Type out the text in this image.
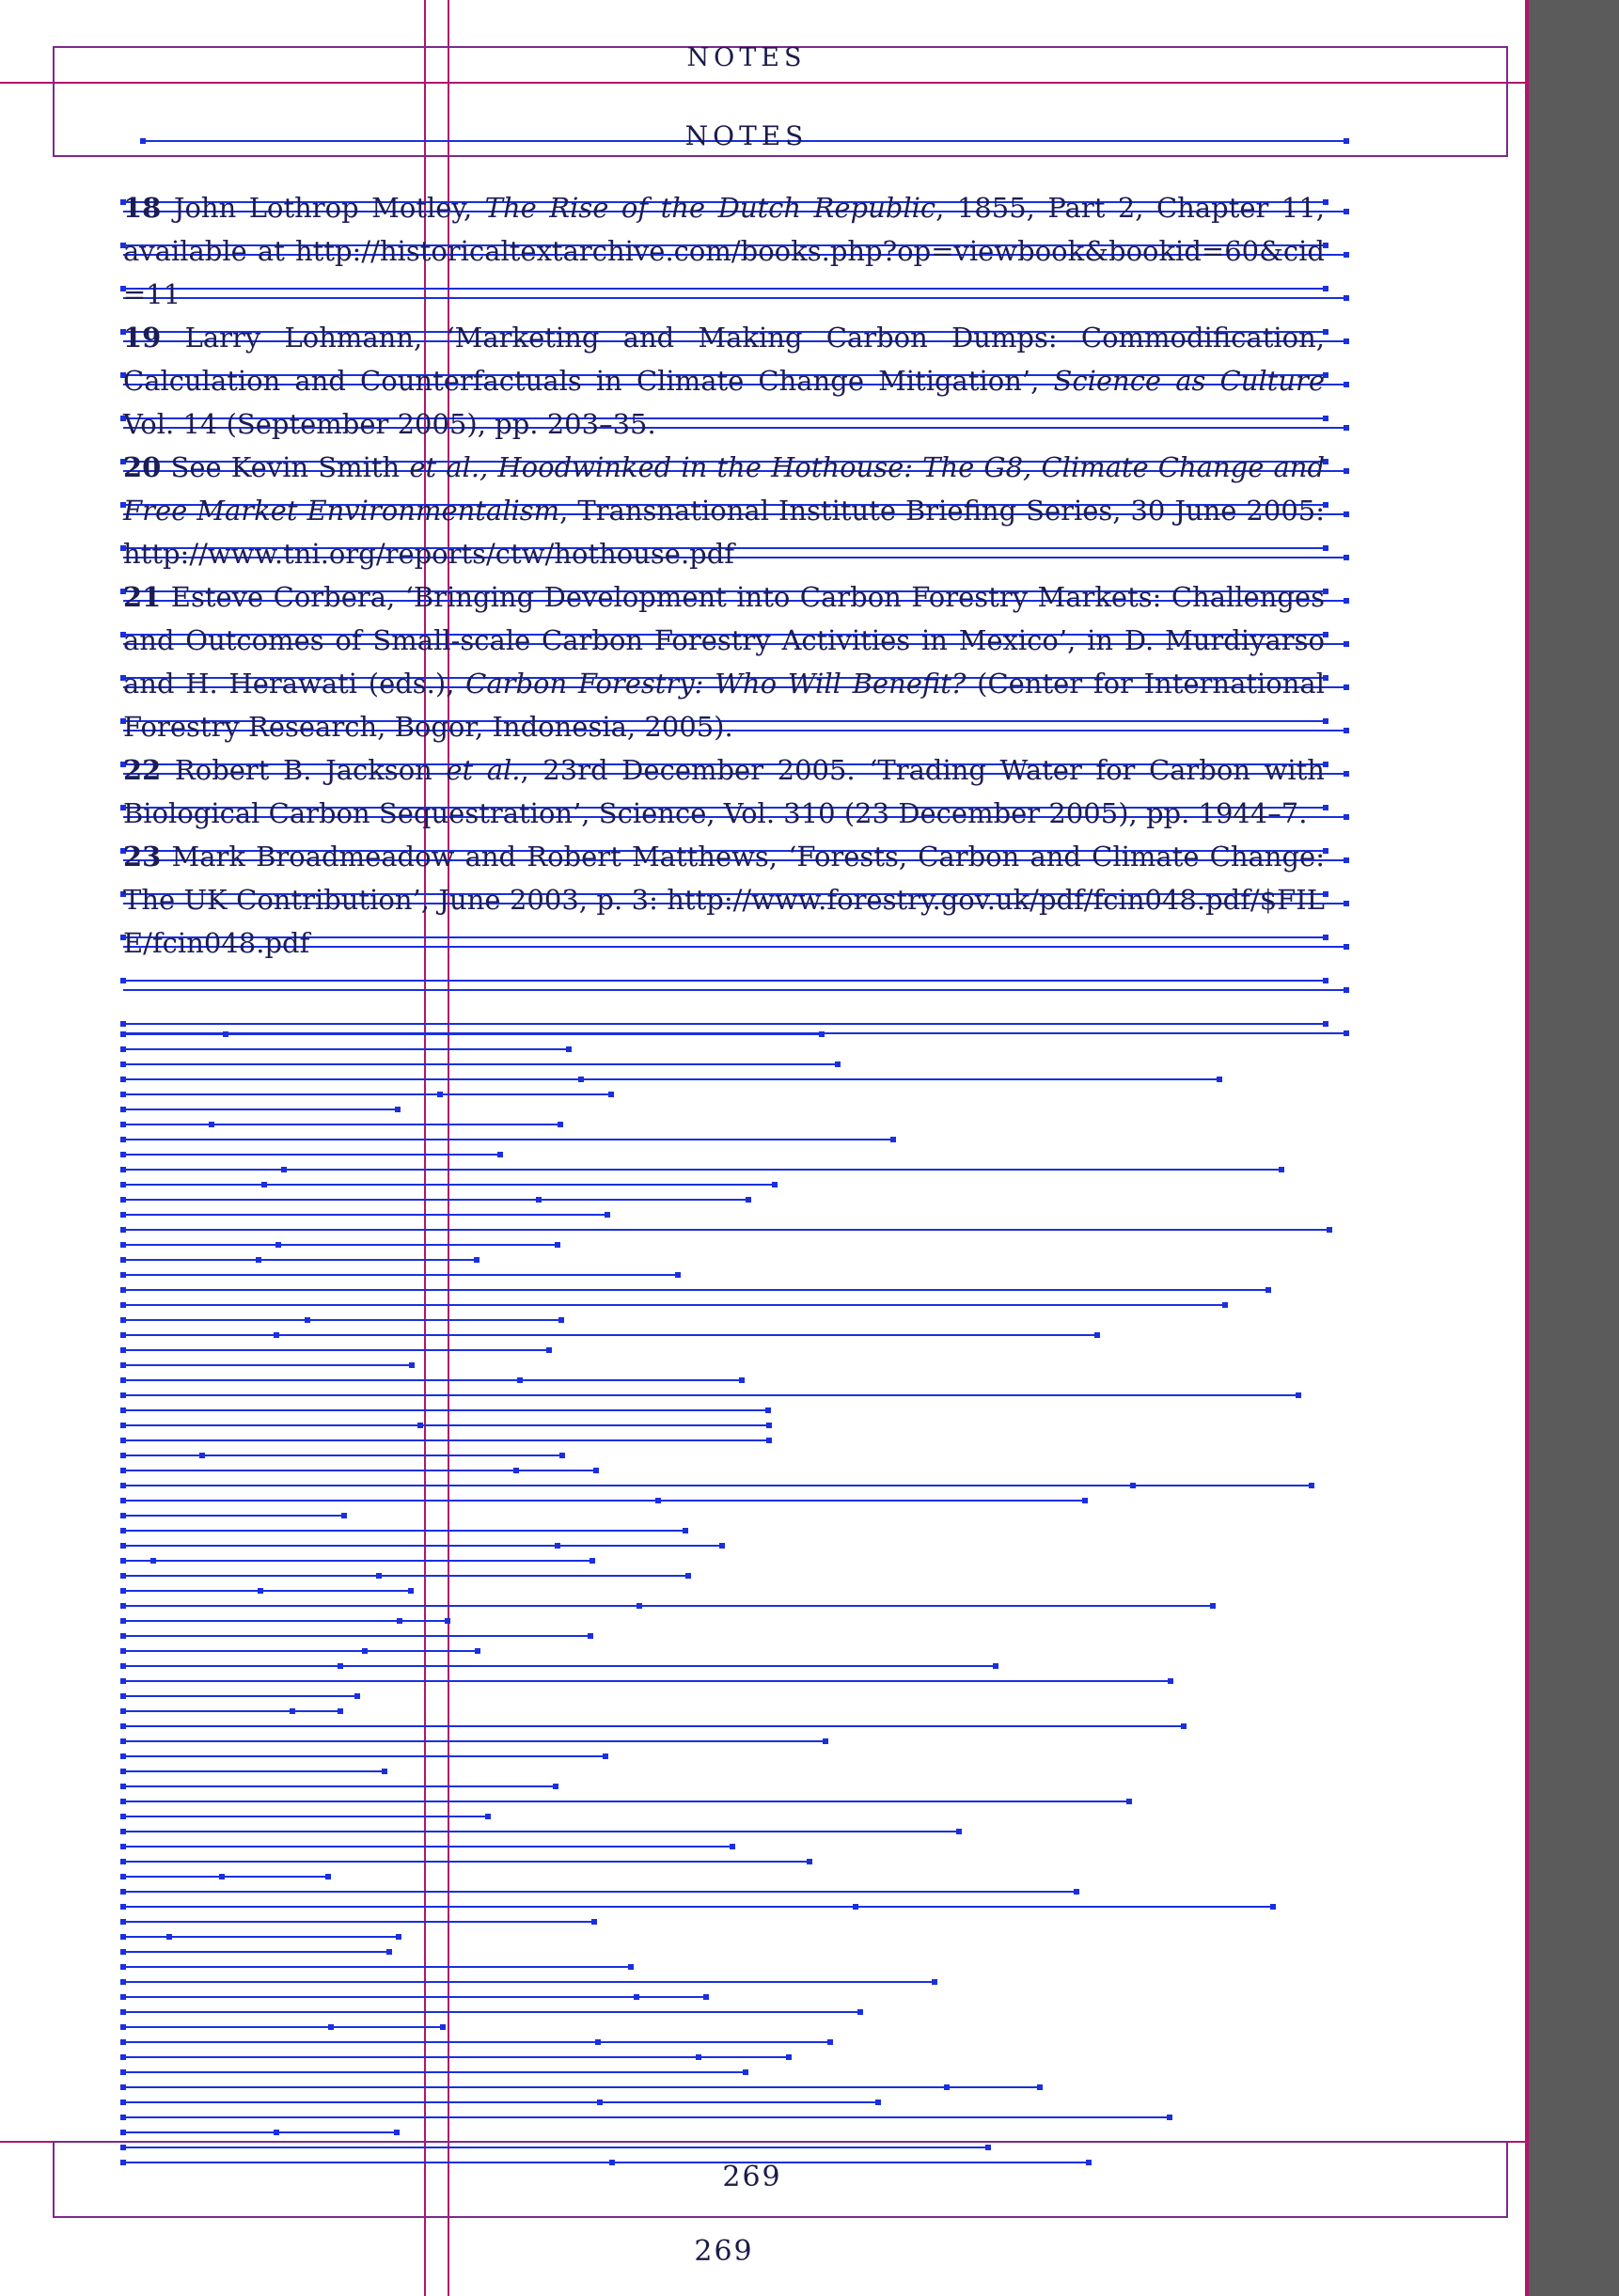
NOTES
NOTES

18 John Lothrop Motley, The Rise of the Dutch Republic, 1855, Part 2, Chapter 11, available at http://historicaltextarchive.com/books.php?op=viewbook&bookid=60&cid=11

19 Larry Lohmann, ‘Marketing and Making Carbon Dumps: Commodification, Calculation and Counterfactuals in Climate Change Mitigation’, Science as Culture Vol. 14 (September 2005), pp. 203–35.

20 See Kevin Smith et al., Hoodwinked in the Hothouse: The G8, Climate Change and Free Market Environmentalism, Transnational Institute Briefing Series, 30 June 2005: http://www.tni.org/reports/ctw/hothouse.pdf

21 Esteve Corbera, ‘Bringing Development into Carbon Forestry Markets: Challenges and Outcomes of Small-scale Carbon Forestry Activities in Mexico’, in D. Murdiyarso and H. Herawati (eds.), Carbon Forestry: Who Will Benefit? (Center for International Forestry Research, Bogor, Indonesia, 2005).

22 Robert B. Jackson et al., 23rd December 2005. ‘Trading Water for Carbon with Biological Carbon Sequestration’, Science, Vol. 310 (23 December 2005), pp. 1944–7.

23 Mark Broadmeadow and Robert Matthews, ‘Forests, Carbon and Climate Change: The UK Contribution’, June 2003, p. 3: http://www.forestry.gov.uk/pdf/fcin048.pdf/$FILE/fcin048.pdf

269
269
